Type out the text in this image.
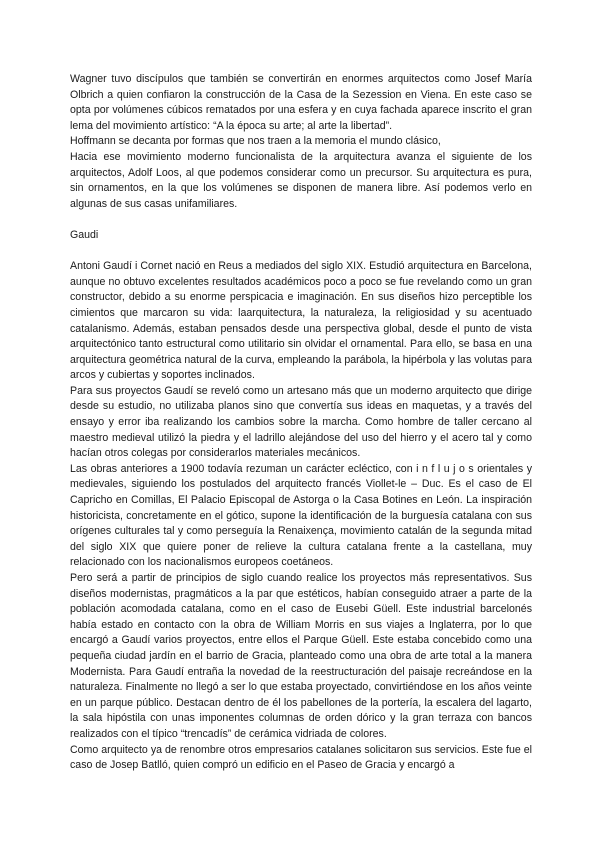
Wagner tuvo discípulos que también se convertirán en enormes arquitectos como Josef María Olbrich a quien confiaron la construcción de la Casa de la Sezession en Viena. En este caso se opta por volúmenes cúbicos rematados por una esfera y en cuya fachada aparece inscrito el gran lema del movimiento artístico: “A la época su arte; al arte la libertad”.

Hoffmann se decanta por formas que nos traen a la memoria el mundo clásico,

Hacia ese movimiento moderno funcionalista de la arquitectura avanza el siguiente de los arquitectos, Adolf Loos, al que podemos considerar como un precursor. Su arquitectura es pura, sin ornamentos, en la que los volúmenes se disponen de manera libre. Así podemos verlo en algunas de sus casas unifamiliares.

Gaudi

Antoni Gaudí i Cornet nació en Reus a mediados del siglo XIX. Estudió arquitectura en Barcelona, aunque no obtuvo excelentes resultados académicos poco a poco se fue revelando como un gran constructor, debido a su enorme perspicacia e imaginación. En sus diseños hizo perceptible los cimientos que marcaron su vida: laarquitectura, la naturaleza, la religiosidad y su acentuado catalanismo. Además, estaban pensados desde una perspectiva global, desde el punto de vista arquitectónico tanto estructural como utilitario sin olvidar el ornamental. Para ello, se basa en una arquitectura geométrica natural de la curva, empleando la parábola, la hipérbola y las volutas para arcos y cubiertas y soportes inclinados.

Para sus proyectos Gaudí se reveló como un artesano más que un moderno arquitecto que dirige desde su estudio, no utilizaba planos sino que convertía sus ideas en maquetas, y a través del ensayo y error iba realizando los cambios sobre la marcha. Como hombre de taller cercano al maestro medieval utilizó la piedra y el ladrillo alejándose del uso del hierro y el acero tal y como hacían otros colegas por considerarlos materiales mecánicos.

Las obras anteriores a 1900 todavía rezuman un carácter ecléctico, con i n f l u j o s orientales y medievales, siguiendo los postulados del arquitecto francés Viollet-le – Duc. Es el caso de El Capricho en Comillas, El Palacio Episcopal de Astorga o la Casa Botines en León. La inspiración historicista, concretamente en el gótico, supone la identificación de la burguesía catalana con sus orígenes culturales tal y como perseguía la Renaixença, movimiento catalán de la segunda mitad del siglo XIX que quiere poner de relieve la cultura catalana frente a la castellana, muy relacionado con los nacionalismos europeos coetáneos.

Pero será a partir de principios de siglo cuando realice los proyectos más representativos. Sus diseños modernistas, pragmáticos a la par que estéticos, habían conseguido atraer a parte de la población acomodada catalana, como en el caso de Eusebi Güell. Este industrial barcelonés había estado en contacto con la obra de William Morris en sus viajes a Inglaterra, por lo que encargó a Gaudí varios proyectos, entre ellos el Parque Güell. Este estaba concebido como una pequeña ciudad jardín en el barrio de Gracia, planteado como una obra de arte total a la manera Modernista. Para Gaudí entraña la novedad de la reestructuración del paisaje recreándose en la naturaleza. Finalmente no llegó a ser lo que estaba proyectado, convirtiéndose en los años veinte en un parque público. Destacan dentro de él los pabellones de la portería, la escalera del lagarto, la sala hipóstila con unas imponentes columnas de orden dórico y la gran terraza con bancos realizados con el típico “trencadís” de cerámica vidriada de colores.

Como arquitecto ya de renombre otros empresarios catalanes solicitaron sus servicios. Este fue el caso de Josep Batlló, quien compró un edificio en el Paseo de Gracia y encargó a
